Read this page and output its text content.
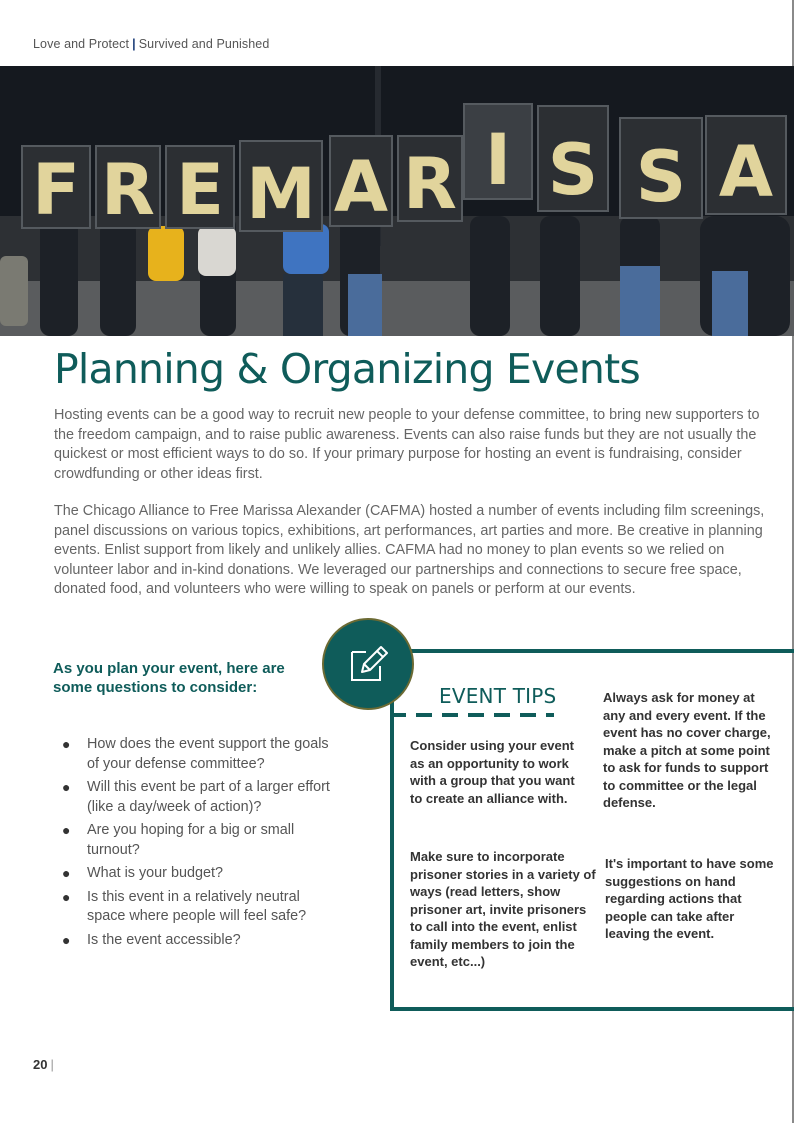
Love and Protect | Survived and Punished
F R E M A R I S S A
Planning & Organizing Events

Hosting events can be a good way to recruit new people to your defense committee, to bring new supporters to the freedom campaign, and to raise public awareness. Events can also raise funds but they are not usually the quickest or most efficient ways to do so. If your primary purpose for hosting an event is fundraising, consider crowdfunding or other ideas first.

The Chicago Alliance to Free Marissa Alexander (CAFMA) hosted a number of events including film screenings, panel discussions on various topics, exhibitions, art performances, art parties and more. Be creative in planning events. Enlist support from likely and unlikely allies. CAFMA had no money to plan events so we relied on volunteer labor and in-kind donations. We leveraged our partnerships and connections to secure free space, donated food, and volunteers who were willing to speak on panels or perform at our events.

As you plan your event, here are some questions to consider:
● How does the event support the goals of your defense committee?
● Will this event be part of a larger effort (like a day/week of action)?
● Are you hoping for a big or small turnout?
● What is your budget?
● Is this event in a relatively neutral space where people will feel safe?
● Is the event accessible?
EVENT TIPS
Consider using your event as an opportunity to work with a group that you want to create an alliance with.
Make sure to incorporate prisoner stories in a variety of ways (read letters, show prisoner art, invite prisoners to call into the event, enlist family members to join the event, etc...)
Always ask for money at any and every event. If the event has no cover charge, make a pitch at some point to ask for funds to support to committee or the legal defense.
It's important to have some suggestions on hand regarding actions that people can take after leaving the event.
20 |
